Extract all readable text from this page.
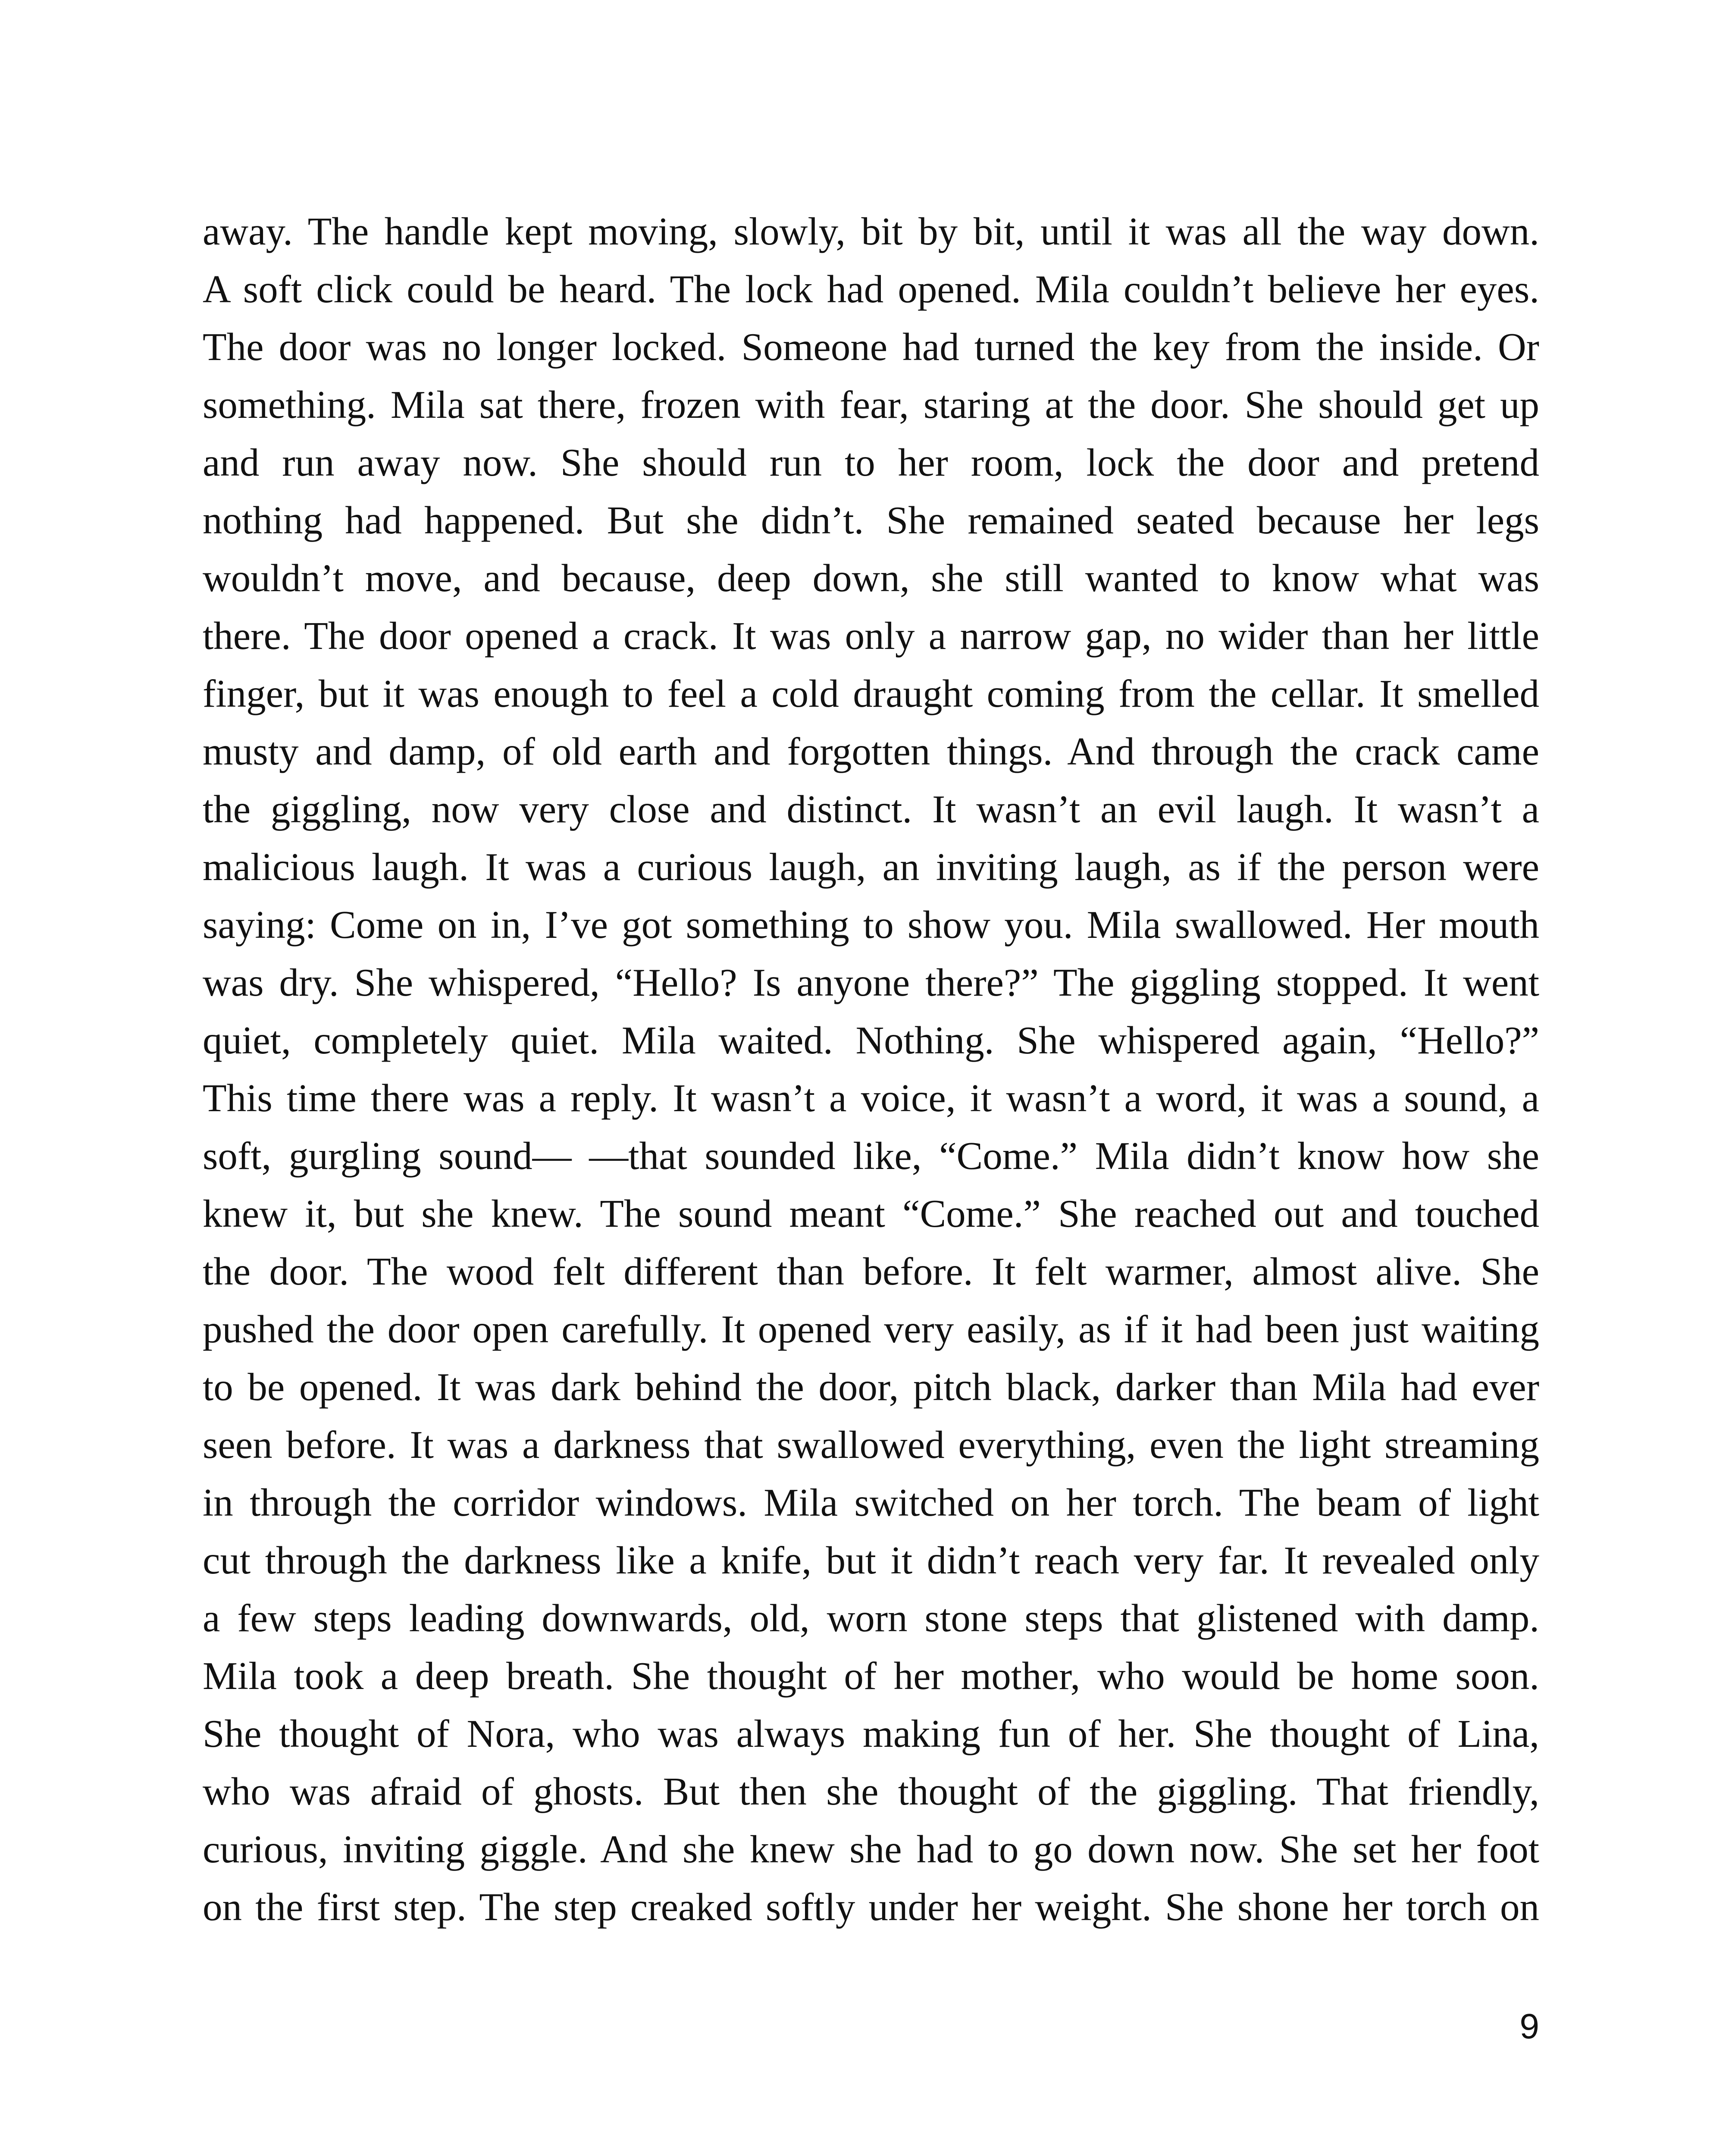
away. The handle kept moving, slowly, bit by bit, until it was all the way down.
A soft click could be heard. The lock had opened. Mila couldn’t believe her eyes.
The door was no longer locked. Someone had turned the key from the inside. Or
something. Mila sat there, frozen with fear, staring at the door. She should get up
and run away now. She should run to her room, lock the door and pretend
nothing had happened. But she didn’t. She remained seated because her legs
wouldn’t move, and because, deep down, she still wanted to know what was
there. The door opened a crack. It was only a narrow gap, no wider than her little
finger, but it was enough to feel a cold draught coming from the cellar. It smelled
musty and damp, of old earth and forgotten things. And through the crack came
the giggling, now very close and distinct. It wasn’t an evil laugh. It wasn’t a
malicious laugh. It was a curious laugh, an inviting laugh, as if the person were
saying: Come on in, I’ve got something to show you. Mila swallowed. Her mouth
was dry. She whispered, “Hello? Is anyone there?” The giggling stopped. It went
quiet, completely quiet. Mila waited. Nothing. She whispered again, “Hello?”
This time there was a reply. It wasn’t a voice, it wasn’t a word, it was a sound, a
soft, gurgling sound— —that sounded like, “Come.” Mila didn’t know how she
knew it, but she knew. The sound meant “Come.” She reached out and touched
the door. The wood felt different than before. It felt warmer, almost alive. She
pushed the door open carefully. It opened very easily, as if it had been just waiting
to be opened. It was dark behind the door, pitch black, darker than Mila had ever
seen before. It was a darkness that swallowed everything, even the light streaming
in through the corridor windows. Mila switched on her torch. The beam of light
cut through the darkness like a knife, but it didn’t reach very far. It revealed only
a few steps leading downwards, old, worn stone steps that glistened with damp.
Mila took a deep breath. She thought of her mother, who would be home soon.
She thought of Nora, who was always making fun of her. She thought of Lina,
who was afraid of ghosts. But then she thought of the giggling. That friendly,
curious, inviting giggle. And she knew she had to go down now. She set her foot
on the first step. The step creaked softly under her weight. She shone her torch on
9
